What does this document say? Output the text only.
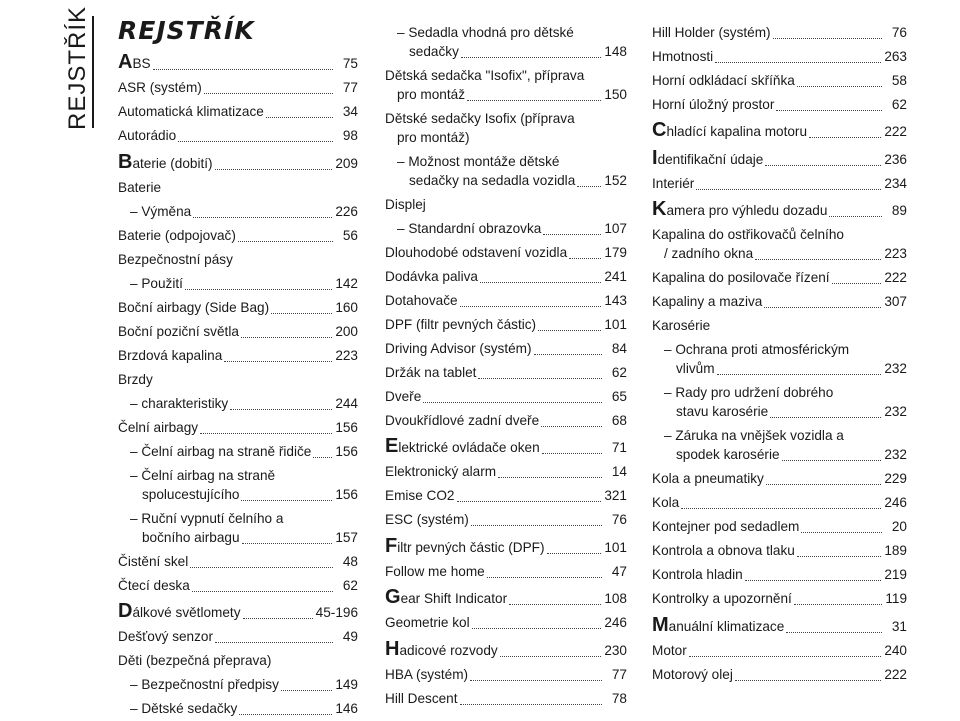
REJSTŘÍK REJSTŘÍK
ABS	75
ASR (systém)	77
Automatická klimatizace	34
Autorádio	98
Baterie (dobití)	209
Baterie
– Výměna	226
Baterie (odpojovač)	56
Bezpečnostní pásy
– Použití	142
Boční airbagy (Side Bag)	160
Boční poziční světla	200
Brzdová kapalina	223
Brzdy
– charakteristiky	244
Čelní airbagy	156
– Čelní airbag na straně řidiče 156
– Čelní airbag na straně
spolucestujícího	156
– Ruční vypnutí čelního a
bočního airbagu	157
Čistění skel	48
Čtecí deska	62
Dálkové světlomety	45-196
Dešťový senzor	49
Děti (bezpečná přeprava)
– Bezpečnostní předpisy	149
– Dětské sedačky	146
– Sedadla vhodná pro dětské
sedačky	148
Dětská sedačka "Isofix", příprava
pro montáž	150
Dětské sedačky Isofix (příprava
pro montáž)
– Možnost montáže dětské
sedačky na sedadla vozidla 152
Displej
– Standardní obrazovka	107
Dlouhodobé odstavení vozidla	179
Dodávka paliva	241
Dotahovače	143
DPF (filtr pevných částic)	101
Driving Advisor (systém)	84
Držák na tablet	62
Dveře	65
Dvoukřídlové zadní dveře	68
Elektrické ovládače oken	71
Elektronický alarm	14
Emise CO2	321
ESC (systém)	76
Filtr pevných částic (DPF)	101
Follow me home	47
Gear Shift Indicator	108
Geometrie kol	246
Hadicové rozvody	230
HBA (systém)	77
Hill Descent	78
Hill Holder (systém)	76
Hmotnosti	263
Horní odkládací skříňka	58
Horní úložný prostor	62
Chladící kapalina motoru	222
Identifikační údaje	236
Interiér	234
Kamera pro výhledu dozadu	89
Kapalina do ostřikovačů čelního
/ zadního okna	223
Kapalina do posilovače řízení	222
Kapaliny a maziva	307
Karosérie
– Ochrana proti atmosférickým
vlivům	232
– Rady pro udržení dobrého
stavu karosérie	232
– Záruka na vnějšek vozidla a
spodek karosérie	232
Kola a pneumatiky	229
Kola	246
Kontejner pod sedadlem	20
Kontrola a obnova tlaku	189
Kontrola hladin	219
Kontrolky a upozornění	119
Manuální klimatizace	31
Motor	240
Motorový olej	222
